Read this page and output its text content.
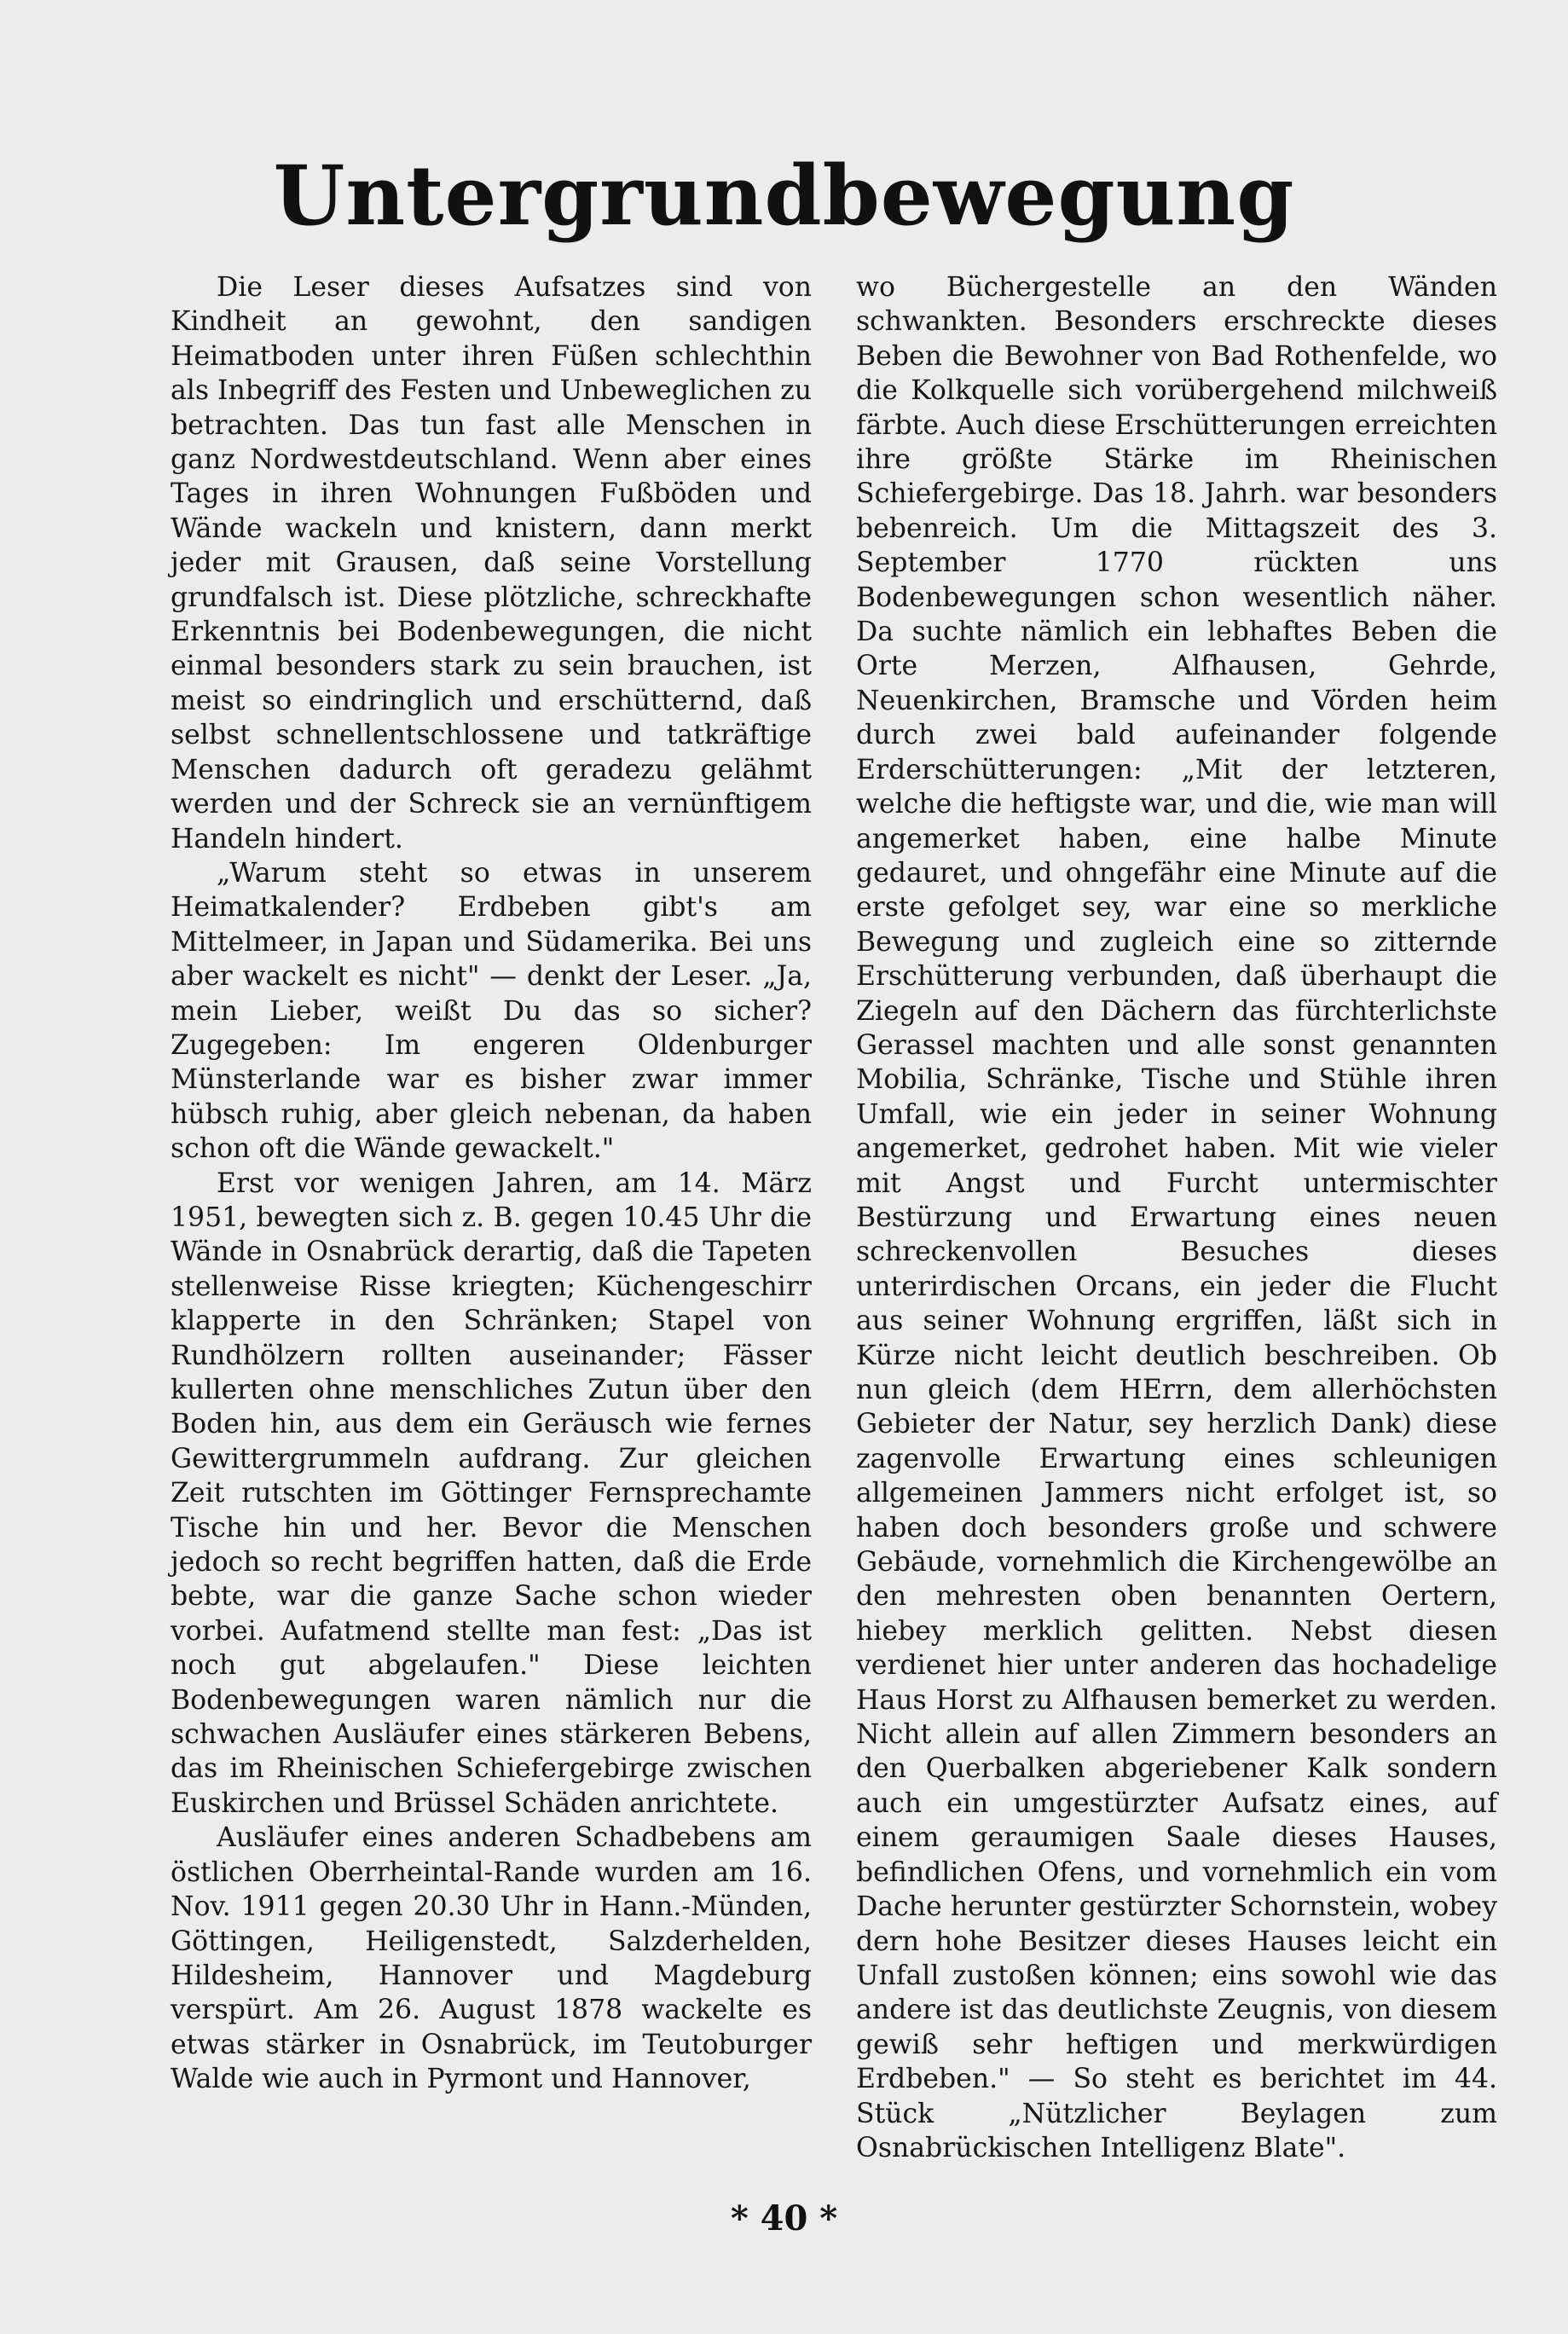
Untergrundbewegung

Die Leser dieses Aufsatzes sind von Kindheit an gewohnt, den sandigen Heimatboden unter ihren Füßen schlechthin als Inbegriff des Festen und Unbeweglichen zu betrachten. Das tun fast alle Menschen in ganz Nordwestdeutschland. Wenn aber eines Tages in ihren Wohnungen Fußböden und Wände wackeln und knistern, dann merkt jeder mit Grausen, daß seine Vorstellung grundfalsch ist. Diese plötzliche, schreckhafte Erkenntnis bei Bodenbewegungen, die nicht einmal besonders stark zu sein brauchen, ist meist so eindringlich und erschütternd, daß selbst schnellentschlossene und tatkräftige Menschen dadurch oft geradezu gelähmt werden und der Schreck sie an vernünftigem Handeln hindert.

„Warum steht so etwas in unserem Heimatkalender? Erdbeben gibt's am Mittelmeer, in Japan und Südamerika. Bei uns aber wackelt es nicht" — denkt der Leser. „Ja, mein Lieber, weißt Du das so sicher? Zugegeben: Im engeren Oldenburger Münsterlande war es bisher zwar immer hübsch ruhig, aber gleich nebenan, da haben schon oft die Wände gewackelt."

Erst vor wenigen Jahren, am 14. März 1951, bewegten sich z. B. gegen 10.45 Uhr die Wände in Osnabrück derartig, daß die Tapeten stellenweise Risse kriegten; Küchengeschirr klapperte in den Schränken; Stapel von Rundhölzern rollten auseinander; Fässer kullerten ohne menschliches Zutun über den Boden hin, aus dem ein Geräusch wie fernes Gewittergrummeln aufdrang. Zur gleichen Zeit rutschten im Göttinger Fernsprechamte Tische hin und her. Bevor die Menschen jedoch so recht begriffen hatten, daß die Erde bebte, war die ganze Sache schon wieder vorbei. Aufatmend stellte man fest: „Das ist noch gut abgelaufen." Diese leichten Bodenbewegungen waren nämlich nur die schwachen Ausläufer eines stärkeren Bebens, das im Rheinischen Schiefergebirge zwischen Euskirchen und Brüssel Schäden anrichtete.

Ausläufer eines anderen Schadbebens am östlichen Oberrheintal-Rande wurden am 16. Nov. 1911 gegen 20.30 Uhr in Hann.-Münden, Göttingen, Heiligenstedt, Salzderhelden, Hildesheim, Hannover und Magdeburg verspürt. Am 26. August 1878 wackelte es etwas stärker in Osnabrück, im Teutoburger Walde wie auch in Pyrmont und Hannover,

wo Büchergestelle an den Wänden schwankten. Besonders erschreckte dieses Beben die Bewohner von Bad Rothenfelde, wo die Kolkquelle sich vorübergehend milchweiß färbte. Auch diese Erschütterungen erreichten ihre größte Stärke im Rheinischen Schiefergebirge. Das 18. Jahrh. war besonders bebenreich. Um die Mittagszeit des 3. September 1770 rückten uns Bodenbewegungen schon wesentlich näher. Da suchte nämlich ein lebhaftes Beben die Orte Merzen, Alfhausen, Gehrde, Neuenkirchen, Bramsche und Vörden heim durch zwei bald aufeinander folgende Erderschütterungen: „Mit der letzteren, welche die heftigste war, und die, wie man will angemerket haben, eine halbe Minute gedauret, und ohngefähr eine Minute auf die erste gefolget sey, war eine so merkliche Bewegung und zugleich eine so zitternde Erschütterung verbunden, daß überhaupt die Ziegeln auf den Dächern das fürchterlichste Gerassel machten und alle sonst genannten Mobilia, Schränke, Tische und Stühle ihren Umfall, wie ein jeder in seiner Wohnung angemerket, gedrohet haben. Mit wie vieler mit Angst und Furcht untermischter Bestürzung und Erwartung eines neuen schreckenvollen Besuches dieses unterirdischen Orcans, ein jeder die Flucht aus seiner Wohnung ergriffen, läßt sich in Kürze nicht leicht deutlich beschreiben. Ob nun gleich (dem HErrn, dem allerhöchsten Gebieter der Natur, sey herzlich Dank) diese zagenvolle Erwartung eines schleunigen allgemeinen Jammers nicht erfolget ist, so haben doch besonders große und schwere Gebäude, vornehmlich die Kirchengewölbe an den mehresten oben benannten Oertern, hiebey merklich gelitten. Nebst diesen verdienet hier unter anderen das hochadelige Haus Horst zu Alfhausen bemerket zu werden. Nicht allein auf allen Zimmern besonders an den Querbalken abgeriebener Kalk sondern auch ein umgestürzter Aufsatz eines, auf einem geraumigen Saale dieses Hauses, befindlichen Ofens, und vornehmlich ein vom Dache herunter gestürzter Schornstein, wobey dern hohe Besitzer dieses Hauses leicht ein Unfall zustoßen können; eins sowohl wie das andere ist das deutlichste Zeugnis, von diesem gewiß sehr heftigen und merkwürdigen Erdbeben." — So steht es berichtet im 44. Stück „Nützlicher Beylagen zum Osnabrückischen Intelligenz Blate".

* 40 *
